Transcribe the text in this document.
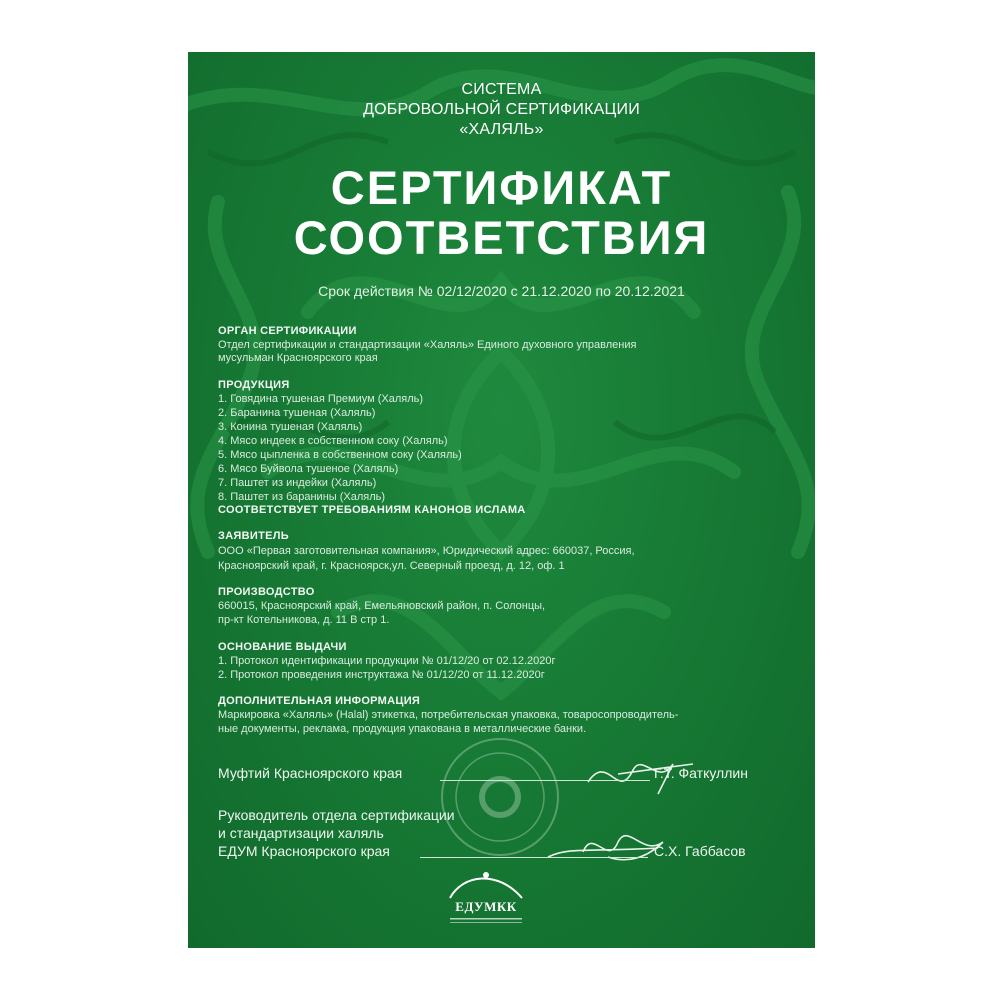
СИСТЕМА
ДОБРОВОЛЬНОЙ СЕРТИФИКАЦИИ
«ХАЛЯЛЬ»
СЕРТИФИКАТ
СООТВЕТСТВИЯ
Срок действия № 02/12/2020 с 21.12.2020 по 20.12.2021
ОРГАН СЕРТИФИКАЦИИ
Отдел сертификации и стандартизации «Халяль» Единого духовного управления
мусульман Красноярского края
ПРОДУКЦИЯ
1. Говядина тушеная Премиум (Халяль)
2. Баранина тушеная (Халяль)
3. Конина тушеная (Халяль)
4. Мясо индеек в собственном соку (Халяль)
5. Мясо цыпленка в собственном соку (Халяль)
6. Мясо Буйвола тушеное (Халяль)
7. Паштет из индейки (Халяль)
8. Паштет из баранины (Халяль)
СООТВЕТСТВУЕТ ТРЕБОВАНИЯМ КАНОНОВ ИСЛАМА
ЗАЯВИТЕЛЬ
ООО «Первая заготовительная компания», Юридический адрес: 660037, Россия,
Красноярский край, г. Красноярск,ул. Северный проезд, д. 12, оф. 1
ПРОИЗВОДСТВО
660015, Красноярский край, Емельяновский район, п. Солонцы,
пр-кт Котельникова, д. 11 В стр 1.
ОСНОВАНИЕ ВЫДАЧИ
1. Протокол идентификации продукции № 01/12/20 от 02.12.2020г
2. Протокол проведения инструктажа № 01/12/20 от 11.12.2020г
ДОПОЛНИТЕЛЬНАЯ ИНФОРМАЦИЯ
Маркировка «Халяль» (Halal) этикетка, потребительская упаковка, товаросопроводитель-
ные документы, реклама, продукция упакована в металлические банки.
Муфтий Красноярского края	Г.Т. Фаткуллин
Руководитель отдела сертификации
и стандартизации халяль
ЕДУМ Красноярского края	С.Х. Габбасов
ЕДУМКК
